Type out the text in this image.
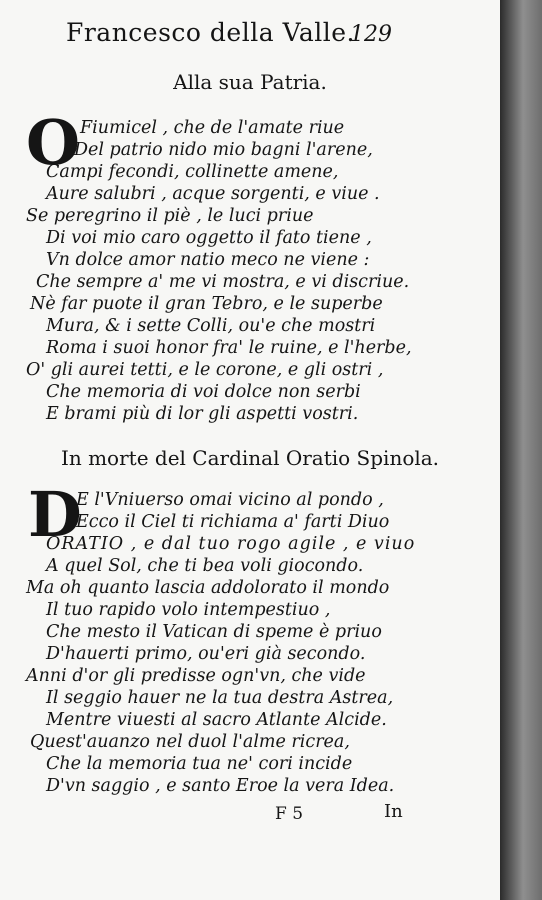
Francesco della Valle.
129
Alla sua Patria.
O Fiumicel , che de l'amate riue
Del patrio nido mio bagni l'arene,
Campi fecondi, collinette amene,
Aure salubri , acque sorgenti, e viue .
Se peregrino il piè , le luci priue
Di voi mio caro oggetto il fato tiene ,
Vn dolce amor natio meco ne viene :
Che sempre a' me vi mostra, e vi discriue.
Nè far puote il gran Tebro, e le superbe
Mura, & i sette Colli, ou'e che mostri
Roma i suoi honor fra' le ruine, e l'herbe,
O' gli aurei tetti, e le corone, e gli ostri ,
Che memoria di voi dolce non serbi
E brami più di lor gli aspetti vostri.
In morte del Cardinal Oratio Spinola.
D
E l'Vniuerso omai vicino al pondo ,
Ecco il Ciel ti richiama a' farti Diuo
ORATIO , e dal tuo rogo agile , e viuo
A quel Sol, che ti bea voli giocondo.
Ma oh quanto lascia addolorato il mondo
Il tuo rapido volo intempestiuo ,
Che mesto il Vatican di speme è priuo
D'hauerti primo, ou'eri già secondo.
Anni d'or gli predisse ogn'vn, che vide
Il seggio hauer ne la tua destra Astrea,
Mentre viuesti al sacro Atlante Alcide.
Quest'auanzo nel duol l'alme ricrea,
Che la memoria tua ne' cori incide
D'vn saggio , e santo Eroe la vera Idea.
F 5	In
